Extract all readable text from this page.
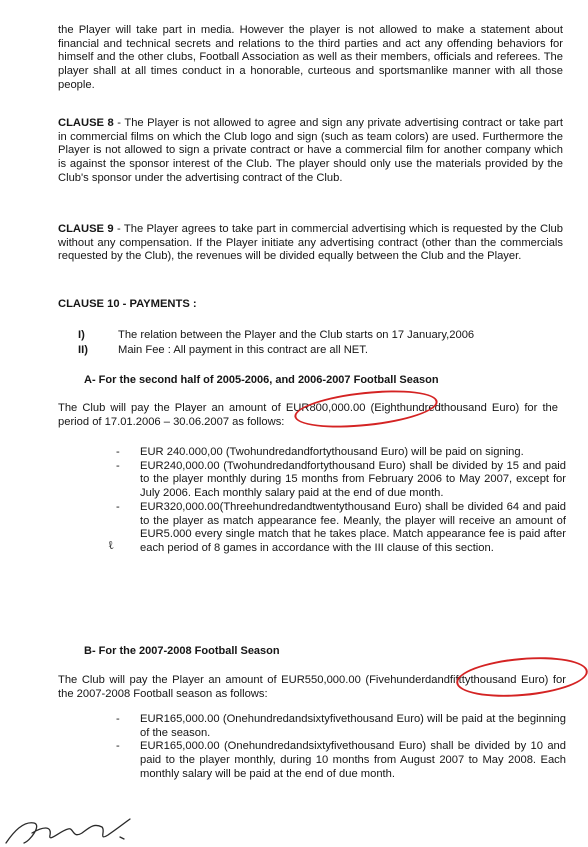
the Player will take part in media. However the player is not allowed to make a statement about financial and technical secrets and relations to the third parties and act any offending behaviors for himself and the other clubs, Football Association as well as their members, officials and referees. The player shall at all times conduct in a honorable, curteous and sportsmanlike manner with all those people.

CLAUSE 8 - The Player is not allowed to agree and sign any private advertising contract or take part in commercial films on which the Club logo and sign (such as team colors) are used. Furthermore the Player is not allowed to sign a private contract or have a commercial film for another company which is against the sponsor interest of the Club. The player should only use the materials provided by the Club's sponsor under the advertising contract of the Club.

CLAUSE 9 - The Player agrees to take part in commercial advertising which is requested by the Club without any compensation. If the Player initiate any advertising contract (other than the commercials requested by the Club), the revenues will be divided equally between the Club and the Player.

CLAUSE 10 - PAYMENTS :

I)	The relation between the Player and the Club starts on 17 January,2006
II)	Main Fee : All payment in this contract are all NET.

A- For the second half of 2005-2006, and 2006-2007 Football Season

The Club will pay the Player an amount of EUR800,000.00 (Eighthundredthousand Euro) for the period of 17.01.2006 – 30.06.2007 as follows:

-	EUR 240.000,00 (Twohundredandfortythousand Euro) will be paid on signing.
-	EUR240,000.00 (Twohundredandfortythousand Euro) shall be divided by 15 and paid to the player monthly during 15 months from February 2006 to May 2007, except for July 2006. Each monthly salary paid at the end of due month.
-	EUR320,000.00(Threehundredandtwentythousand Euro) shall be divided 64 and paid to the player as match appearance fee. Meanly, the player will receive an amount of EUR5.000 every single match that he takes place. Match appearance fee is paid after each period of 8 games in accordance with the III clause of this section.
ℓ

B- For the 2007-2008 Football Season

The Club will pay the Player an amount of EUR550,000.00 (Fivehunderdandfifttythousand Euro) for the 2007-2008 Football season as follows:

-	EUR165,000.00 (Onehundredandsixtyfivethousand Euro) will be paid at the beginning of the season.
-	EUR165,000.00 (Onehundredandsixtyfivethousand Euro) shall be divided by 10 and paid to the player monthly, during 10 months from August 2007 to May 2008. Each monthly salary will be paid at the end of due month.
